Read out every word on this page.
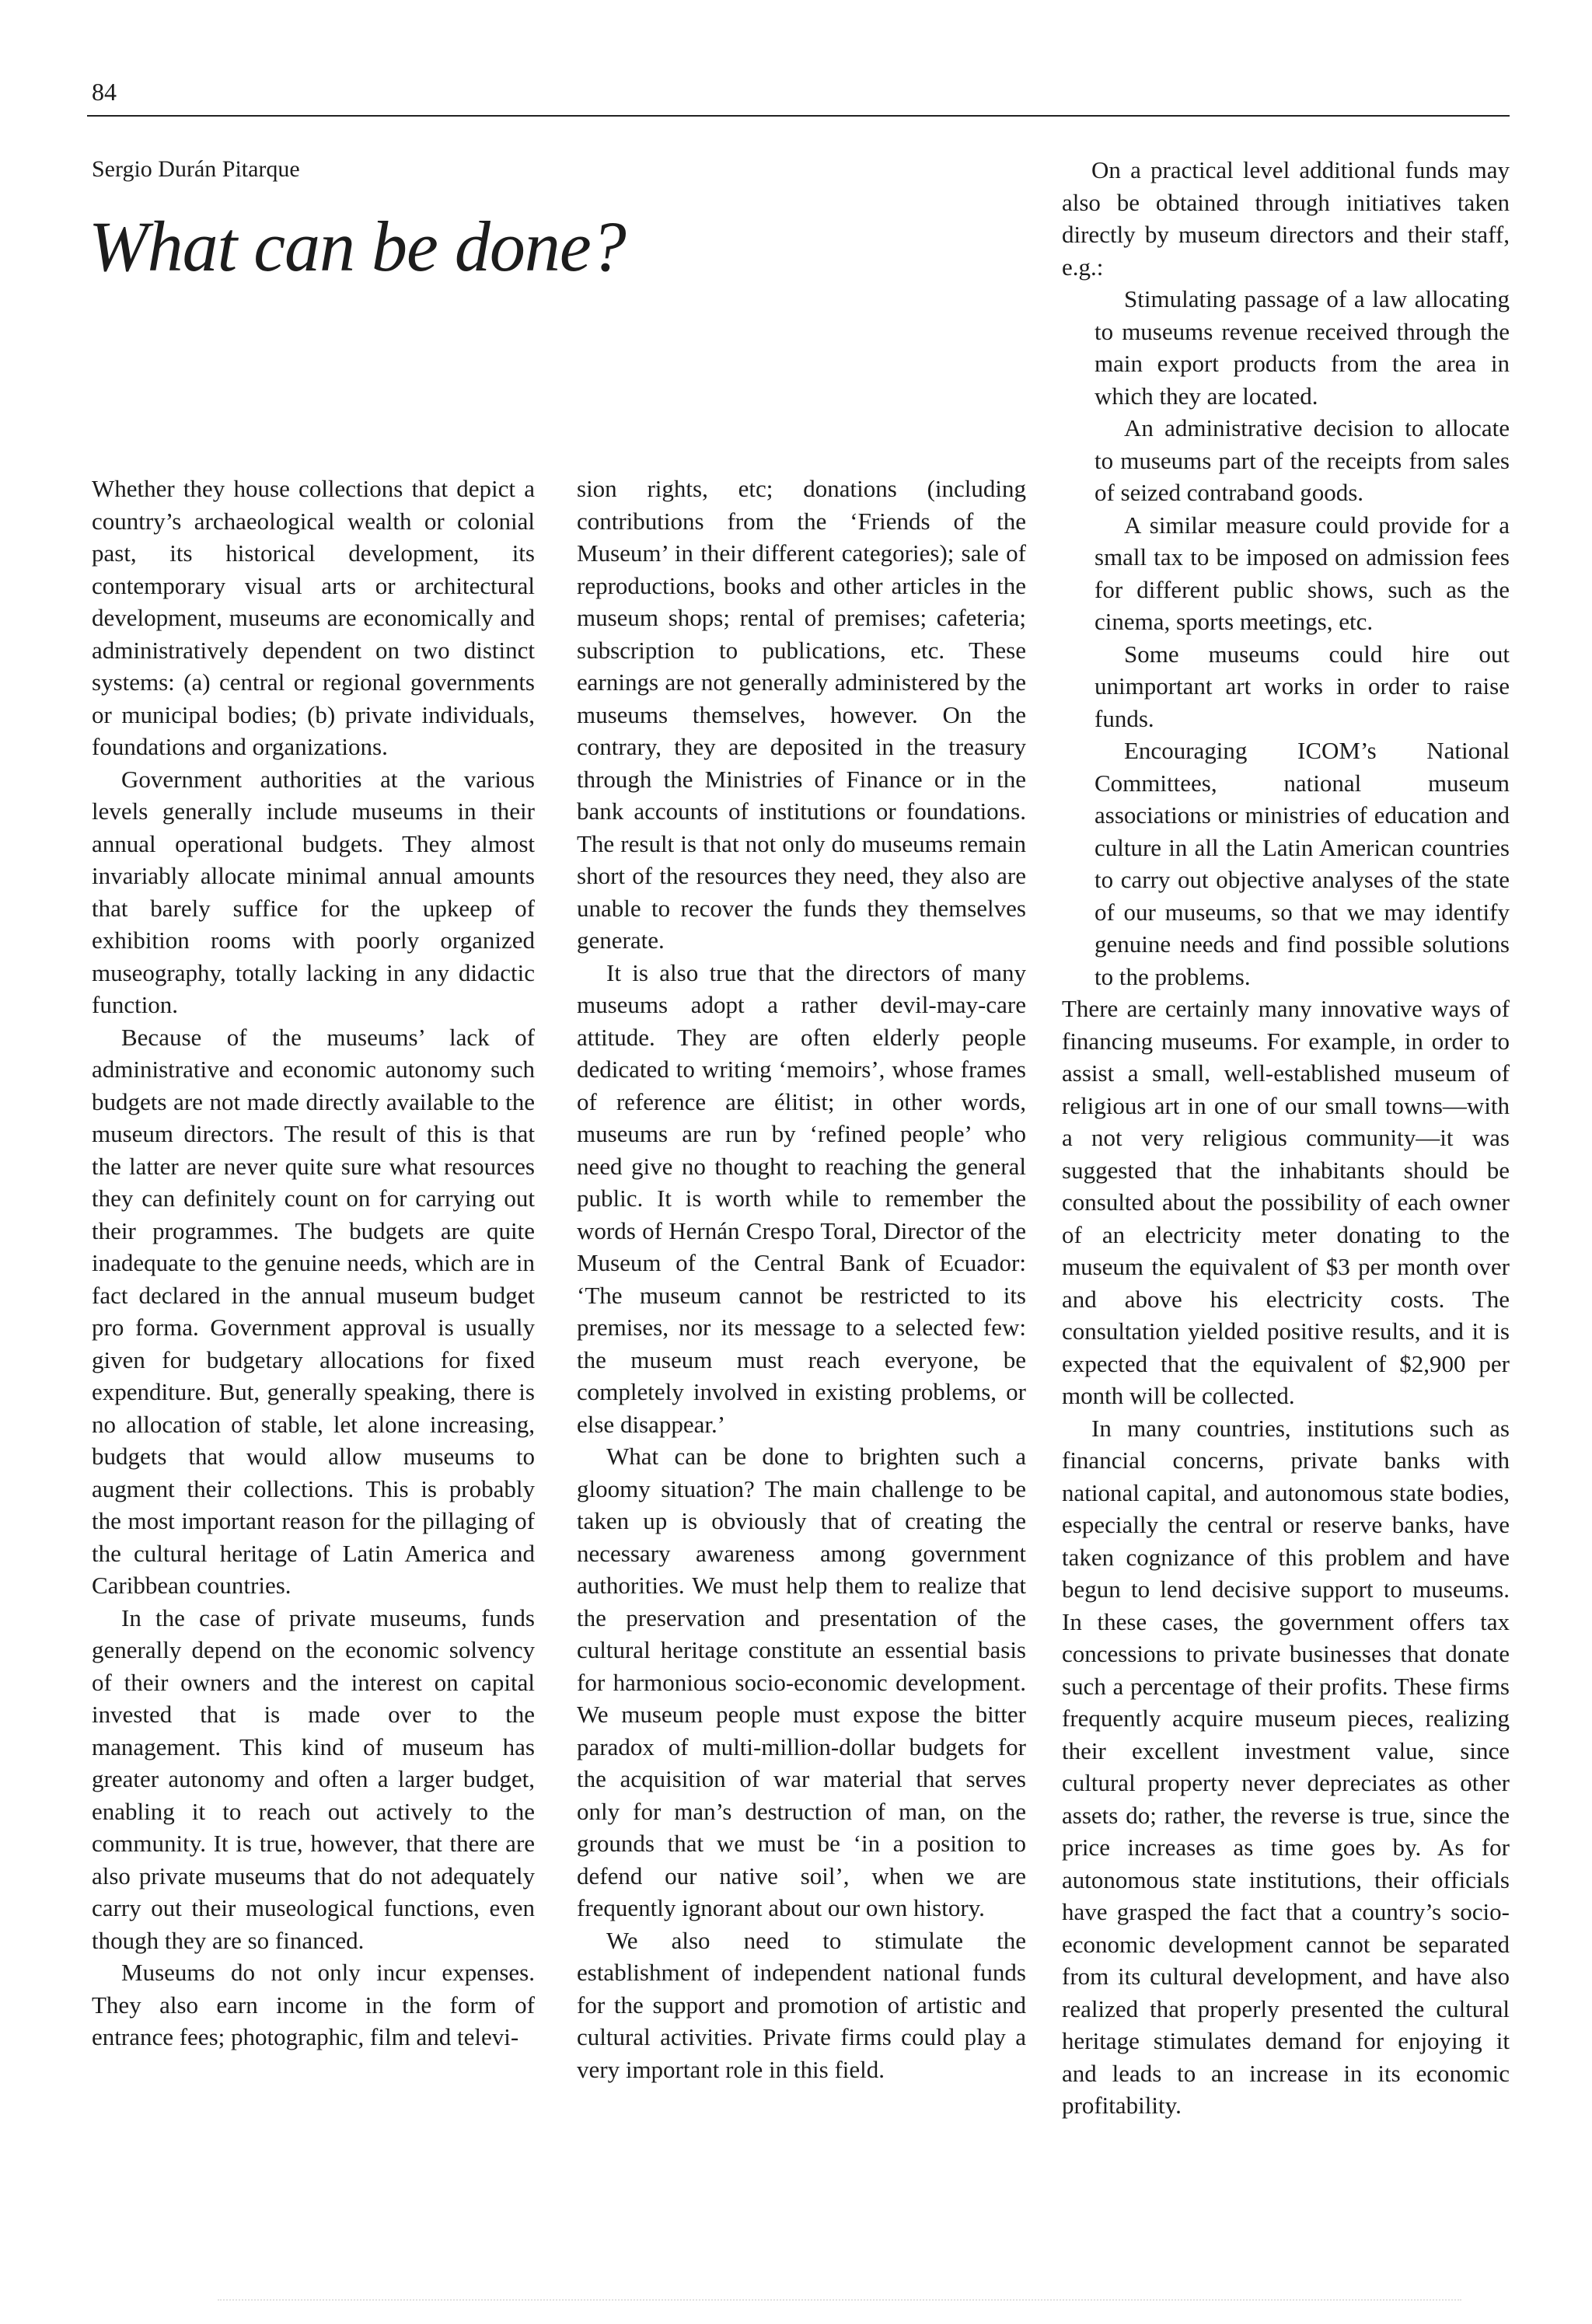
84
Sergio Durán Pitarque
What can be done?

Whether they house collections that depict a country’s archaeological wealth or colonial past, its historical development, its contemporary visual arts or architectural development, museums are economically and administratively dependent on two distinct systems: (a) central or regional governments or municipal bodies; (b) private individuals, foundations and organizations.

Government authorities at the various levels generally include museums in their annual operational budgets. They almost invariably allocate minimal annual amounts that barely suffice for the upkeep of exhibition rooms with poorly organized museography, totally lacking in any didactic function.

Because of the museums’ lack of administrative and economic autonomy such budgets are not made directly available to the museum directors. The result of this is that the latter are never quite sure what resources they can definitely count on for carrying out their programmes. The budgets are quite inadequate to the genuine needs, which are in fact declared in the annual museum budget pro forma. Government approval is usually given for budgetary allocations for fixed expenditure. But, generally speaking, there is no allocation of stable, let alone increasing, budgets that would allow museums to augment their collections. This is probably the most important reason for the pillaging of the cultural heritage of Latin America and Caribbean countries.

In the case of private museums, funds generally depend on the economic solvency of their owners and the interest on capital invested that is made over to the management. This kind of museum has greater autonomy and often a larger budget, enabling it to reach out actively to the community. It is true, however, that there are also private museums that do not adequately carry out their museological functions, even though they are so financed.

Museums do not only incur expenses. They also earn income in the form of entrance fees; photographic, film and televi-

sion rights, etc; donations (including contributions from the ‘Friends of the Museum’ in their different categories); sale of reproductions, books and other articles in the museum shops; rental of premises; cafeteria; subscription to publications, etc. These earnings are not generally administered by the museums themselves, however. On the contrary, they are deposited in the treasury through the Ministries of Finance or in the bank accounts of institutions or foundations. The result is that not only do museums remain short of the resources they need, they also are unable to recover the funds they themselves generate.

It is also true that the directors of many museums adopt a rather devil-may-care attitude. They are often elderly people dedicated to writing ‘memoirs’, whose frames of reference are élitist; in other words, museums are run by ‘refined people’ who need give no thought to reaching the general public. It is worth while to remember the words of Hernán Crespo Toral, Director of the Museum of the Central Bank of Ecuador: ‘The museum cannot be restricted to its premises, nor its message to a selected few: the museum must reach everyone, be completely involved in existing problems, or else disappear.’

What can be done to brighten such a gloomy situation? The main challenge to be taken up is obviously that of creating the necessary awareness among government authorities. We must help them to realize that the preservation and presentation of the cultural heritage constitute an essential basis for harmonious socio-economic development. We museum people must expose the bitter paradox of multi-million-dollar budgets for the acquisition of war material that serves only for man’s destruction of man, on the grounds that we must be ‘in a position to defend our native soil’, when we are frequently ignorant about our own history.

We also need to stimulate the establishment of independent national funds for the support and promotion of artistic and cultural activities. Private firms could play a very important role in this field.

On a practical level additional funds may also be obtained through initiatives taken directly by museum directors and their staff, e.g.:

Stimulating passage of a law allocating to museums revenue received through the main export products from the area in which they are located.

An administrative decision to allocate to museums part of the receipts from sales of seized contraband goods.

A similar measure could provide for a small tax to be imposed on admission fees for different public shows, such as the cinema, sports meetings, etc.

Some museums could hire out unimportant art works in order to raise funds.

Encouraging ICOM’s National Committees, national museum associations or ministries of education and culture in all the Latin American countries to carry out objective analyses of the state of our museums, so that we may identify genuine needs and find possible solutions to the problems.

There are certainly many innovative ways of financing museums. For example, in order to assist a small, well-established museum of religious art in one of our small towns—with a not very religious community—it was suggested that the inhabitants should be consulted about the possibility of each owner of an electricity meter donating to the museum the equivalent of $3 per month over and above his electricity costs. The consultation yielded positive results, and it is expected that the equivalent of $2,900 per month will be collected.

In many countries, institutions such as financial concerns, private banks with national capital, and autonomous state bodies, especially the central or reserve banks, have taken cognizance of this problem and have begun to lend decisive support to museums. In these cases, the government offers tax concessions to private businesses that donate such a percentage of their profits. These firms frequently acquire museum pieces, realizing their excellent investment value, since cultural property never depreciates as other assets do; rather, the reverse is true, since the price increases as time goes by. As for autonomous state institutions, their officials have grasped the fact that a country’s socio-economic development cannot be separated from its cultural development, and have also realized that properly presented the cultural heritage stimulates demand for enjoying it and leads to an increase in its economic profitability.
